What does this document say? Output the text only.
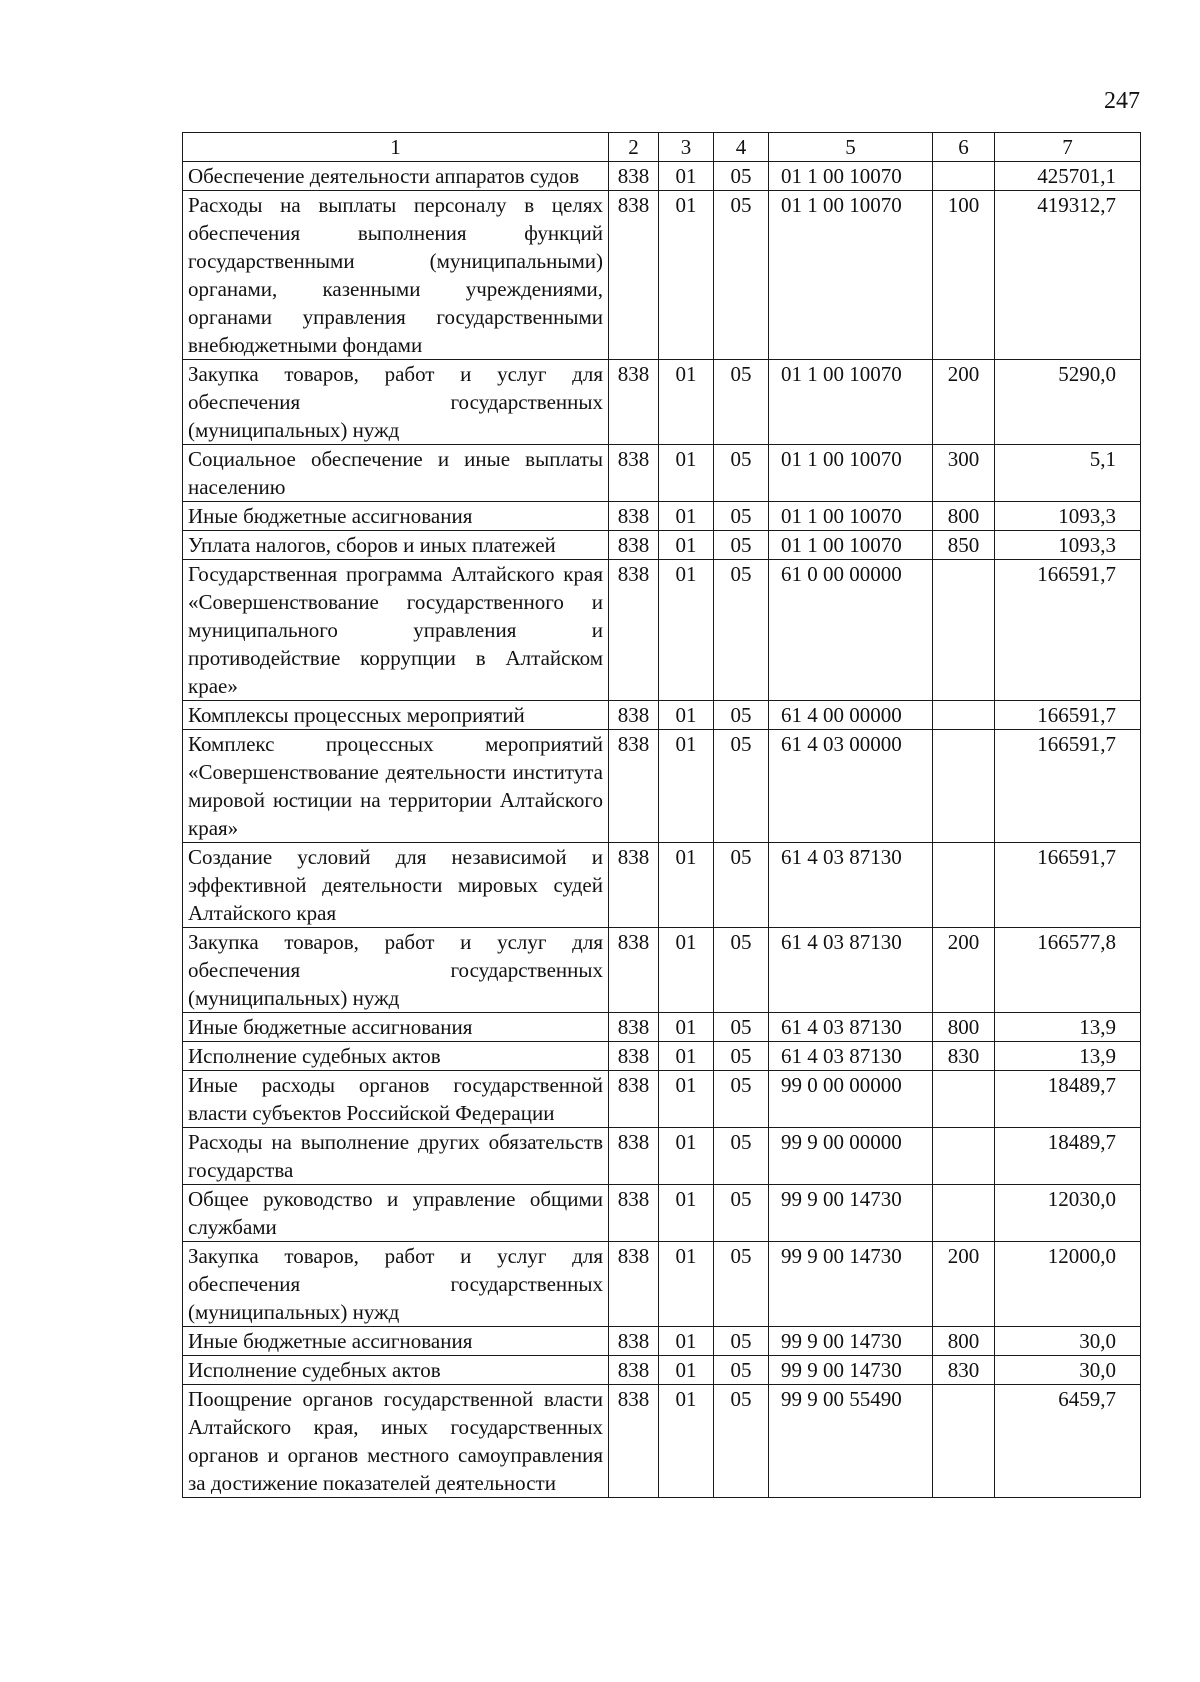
247
1	2	3	4	5	6	7
Обеспечение деятельности аппаратов судов	838	01	05	01 1 00 10070		425701,1
Расходы на выплаты персоналу в целях обеспечения выполнения функций государственными (муниципальными) органами, казенными учреждениями, органами управления государственными внебюджетными фондами	838	01	05	01 1 00 10070	100	419312,7
Закупка товаров, работ и услуг для обеспечения государственных (муниципальных) нужд	838	01	05	01 1 00 10070	200	5290,0
Социальное обеспечение и иные выплаты населению	838	01	05	01 1 00 10070	300	5,1
Иные бюджетные ассигнования	838	01	05	01 1 00 10070	800	1093,3
Уплата налогов, сборов и иных платежей	838	01	05	01 1 00 10070	850	1093,3
Государственная программа Алтайского края «Совершенствование государственного и муниципального управления и противодействие коррупции в Алтайском крае»	838	01	05	61 0 00 00000		166591,7
Комплексы процессных мероприятий	838	01	05	61 4 00 00000		166591,7
Комплекс процессных мероприятий «Совершенствование деятельности института мировой юстиции на территории Алтайского края»	838	01	05	61 4 03 00000		166591,7
Создание условий для независимой и эффективной деятельности мировых судей Алтайского края	838	01	05	61 4 03 87130		166591,7
Закупка товаров, работ и услуг для обеспечения государственных (муниципальных) нужд	838	01	05	61 4 03 87130	200	166577,8
Иные бюджетные ассигнования	838	01	05	61 4 03 87130	800	13,9
Исполнение судебных актов	838	01	05	61 4 03 87130	830	13,9
Иные расходы органов государственной власти субъектов Российской Федерации	838	01	05	99 0 00 00000		18489,7
Расходы на выполнение других обязательств государства	838	01	05	99 9 00 00000		18489,7
Общее руководство и управление общими службами	838	01	05	99 9 00 14730		12030,0
Закупка товаров, работ и услуг для обеспечения государственных (муниципальных) нужд	838	01	05	99 9 00 14730	200	12000,0
Иные бюджетные ассигнования	838	01	05	99 9 00 14730	800	30,0
Исполнение судебных актов	838	01	05	99 9 00 14730	830	30,0
Поощрение органов государственной власти Алтайского края, иных государственных органов и органов местного самоуправления за достижение показателей деятельности	838	01	05	99 9 00 55490		6459,7
